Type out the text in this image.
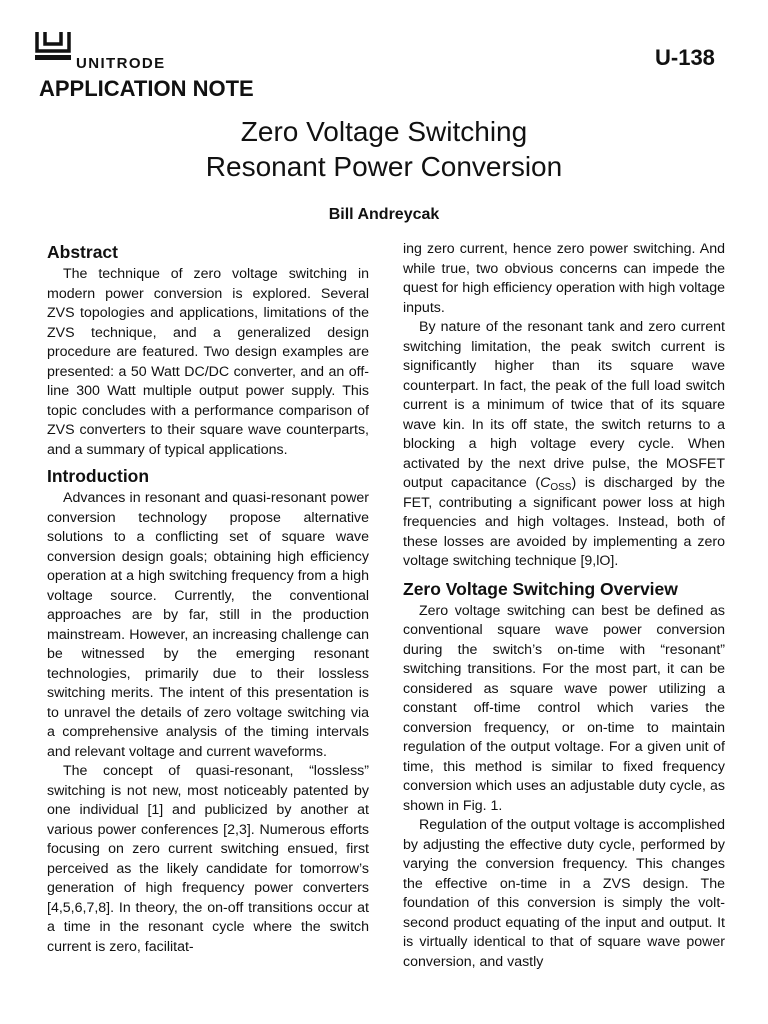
UNITRODE
APPLICATION NOTE
U-138
Zero Voltage Switching
Resonant Power Conversion
Bill Andreycak
Abstract

The technique of zero voltage switching in modern power conversion is explored. Several ZVS topologies and applications, limitations of the ZVS technique, and a generalized design procedure are featured. Two design examples are presented: a 50 Watt DC/DC converter, and an off-line 300 Watt multiple output power supply. This topic concludes with a performance comparison of ZVS converters to their square wave counterparts, and a summary of typical applications.

Introduction

Advances in resonant and quasi-resonant power conversion technology propose alternative solutions to a conflicting set of square wave conversion design goals; obtaining high efficiency operation at a high switching frequency from a high voltage source. Currently, the conventional approaches are by far, still in the production mainstream. However, an increasing challenge can be witnessed by the emerging resonant technologies, primarily due to their lossless switching merits. The intent of this presentation is to unravel the details of zero voltage switching via a comprehensive analysis of the timing intervals and relevant voltage and current waveforms.

The concept of quasi-resonant, “lossless” switching is not new, most noticeably patented by one individual [1] and publicized by another at various power conferences [2,3]. Numerous efforts focusing on zero current switching ensued, first perceived as the likely candidate for tomorrow’s generation of high frequency power converters [4,5,6,7,8]. In theory, the on-off transitions occur at a time in the resonant cycle where the switch current is zero, facilitat-

ing zero current, hence zero power switching. And while true, two obvious concerns can impede the quest for high efficiency operation with high voltage inputs.

By nature of the resonant tank and zero current switching limitation, the peak switch current is significantly higher than its square wave counterpart. In fact, the peak of the full load switch current is a minimum of twice that of its square wave kin. In its off state, the switch returns to a blocking a high voltage every cycle. When activated by the next drive pulse, the MOSFET output capacitance $(C_{OSS})$ is discharged by the FET, contributing a significant power loss at high frequencies and high voltages. Instead, both of these losses are avoided by implementing a zero voltage switching technique [9,lO].

Zero Voltage Switching Overview

Zero voltage switching can best be defined as conventional square wave power conversion during the switch’s on-time with “resonant” switching transitions. For the most part, it can be considered as square wave power utilizing a constant off-time control which varies the conversion frequency, or on-time to maintain regulation of the output voltage. For a given unit of time, this method is similar to fixed frequency conversion which uses an adjustable duty cycle, as shown in Fig. 1.

Regulation of the output voltage is accomplished by adjusting the effective duty cycle, performed by varying the conversion frequency. This changes the effective on-time in a ZVS design. The foundation of this conversion is simply the volt-second product equating of the input and output. It is virtually identical to that of square wave power conversion, and vastly
